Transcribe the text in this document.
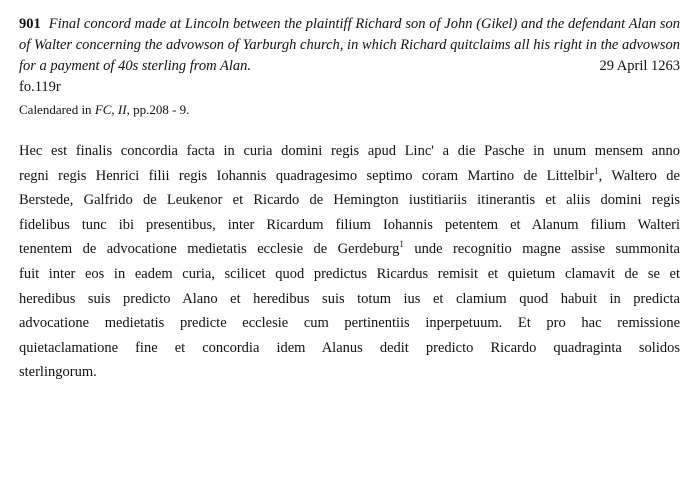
901 Final concord made at Lincoln between the plaintiff Richard son of John (Gikel) and the defendant Alan son of Walter concerning the advowson of Yarburgh church, in which Richard quitclaims all his right in the advowson for a payment of 40s sterling from Alan.	29 April 1263

fo.119r

Calendared in FC, II, pp.208 - 9.

Hec est finalis concordia facta in curia domini regis apud Linc' a die Pasche in unum mensem anno
regni regis Henrici filii regis Iohannis quadragesimo septimo coram Martino de Littelbir$^1$, Waltero de
Berstede, Galfrido de Leukenor et Ricardo de Hemington iustitiariis itinerantis et aliis domini regis
fidelibus tunc ibi presentibus, inter Ricardum filium Iohannis petentem et Alanum filium Walteri
tenentem de advocatione medietatis ecclesie de Gerdeburg$^1$ unde recognitio magne assise summonita
fuit inter eos in eadem curia, scilicet quod predictus Ricardus remisit et quietum clamavit de se et
heredibus suis predicto Alano et heredibus suis totum ius et clamium quod habuit in predicta
advocatione medietatis predicte ecclesie cum pertinentiis inperpetuum. Et pro hac remissione
quietaclamatione fine et concordia idem Alanus dedit predicto Ricardo quadraginta solidos
sterlingorum.
